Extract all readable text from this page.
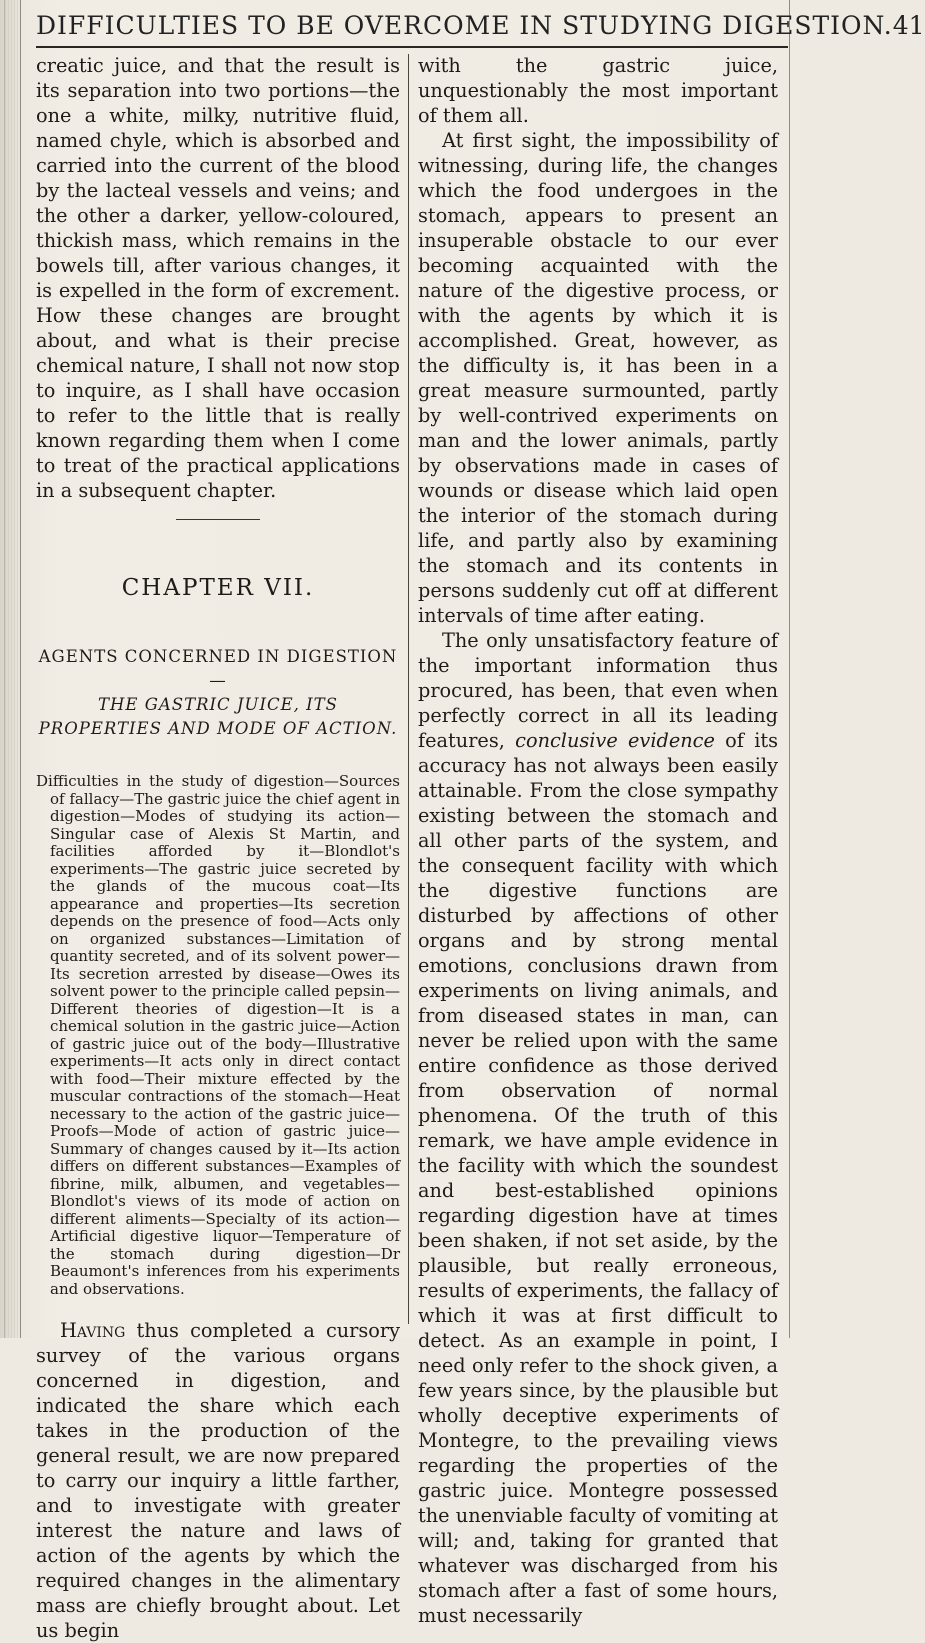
DIFFICULTIES TO BE OVERCOME IN STUDYING DIGESTION. 41

creatic juice, and that the result is its separation into two portions—the one a white, milky, nutritive fluid, named chyle, which is absorbed and carried into the current of the blood by the lacteal vessels and veins; and the other a darker, yellow-coloured, thickish mass, which remains in the bowels till, after various changes, it is expelled in the form of excrement. How these changes are brought about, and what is their precise chemical nature, I shall not now stop to inquire, as I shall have occasion to refer to the little that is really known regarding them when I come to treat of the practical applications in a subsequent chapter.

CHAPTER VII.
AGENTS CONCERNED IN DIGESTION—
THE GASTRIC JUICE, ITS PROPERTIES AND MODE OF ACTION.

Difficulties in the study of digestion—Sources of fallacy—The gastric juice the chief agent in digestion—Modes of studying its action—Singular case of Alexis St Martin, and facilities afforded by it—Blondlot's experiments—The gastric juice secreted by the glands of the mucous coat—Its appearance and properties—Its secretion depends on the presence of food—Acts only on organized substances—Limitation of quantity secreted, and of its solvent power—Its secretion arrested by disease—Owes its solvent power to the principle called pepsin—Different theories of digestion—It is a chemical solution in the gastric juice—Action of gastric juice out of the body—Illustrative experiments—It acts only in direct contact with food—Their mixture effected by the muscular contractions of the stomach—Heat necessary to the action of the gastric juice—Proofs—Mode of action of gastric juice—Summary of changes caused by it—Its action differs on different substances—Examples of fibrine, milk, albumen, and vegetables—Blondlot's views of its mode of action on different aliments—Specialty of its action—Artificial digestive liquor—Temperature of the stomach during digestion—Dr Beaumont's inferences from his experiments and observations.

Having thus completed a cursory survey of the various organs concerned in digestion, and indicated the share which each takes in the production of the general result, we are now prepared to carry our inquiry a little farther, and to investigate with greater interest the nature and laws of action of the agents by which the required changes in the alimentary mass are chiefly brought about. Let us begin

with the gastric juice, unquestionably the most important of them all.

At first sight, the impossibility of witnessing, during life, the changes which the food undergoes in the stomach, appears to present an insuperable obstacle to our ever becoming acquainted with the nature of the digestive process, or with the agents by which it is accomplished. Great, however, as the difficulty is, it has been in a great measure surmounted, partly by well-contrived experiments on man and the lower animals, partly by observations made in cases of wounds or disease which laid open the interior of the stomach during life, and partly also by examining the stomach and its contents in persons suddenly cut off at different intervals of time after eating.

The only unsatisfactory feature of the important information thus procured, has been, that even when perfectly correct in all its leading features, conclusive evidence of its accuracy has not always been easily attainable. From the close sympathy existing between the stomach and all other parts of the system, and the consequent facility with which the digestive functions are disturbed by affections of other organs and by strong mental emotions, conclusions drawn from experiments on living animals, and from diseased states in man, can never be relied upon with the same entire confidence as those derived from observation of normal phenomena. Of the truth of this remark, we have ample evidence in the facility with which the soundest and best-established opinions regarding digestion have at times been shaken, if not set aside, by the plausible, but really erroneous, results of experiments, the fallacy of which it was at first difficult to detect. As an example in point, I need only refer to the shock given, a few years since, by the plausible but wholly deceptive experiments of Montegre, to the prevailing views regarding the properties of the gastric juice. Montegre possessed the unenviable faculty of vomiting at will; and, taking for granted that whatever was discharged from his stomach after a fast of some hours, must necessarily
